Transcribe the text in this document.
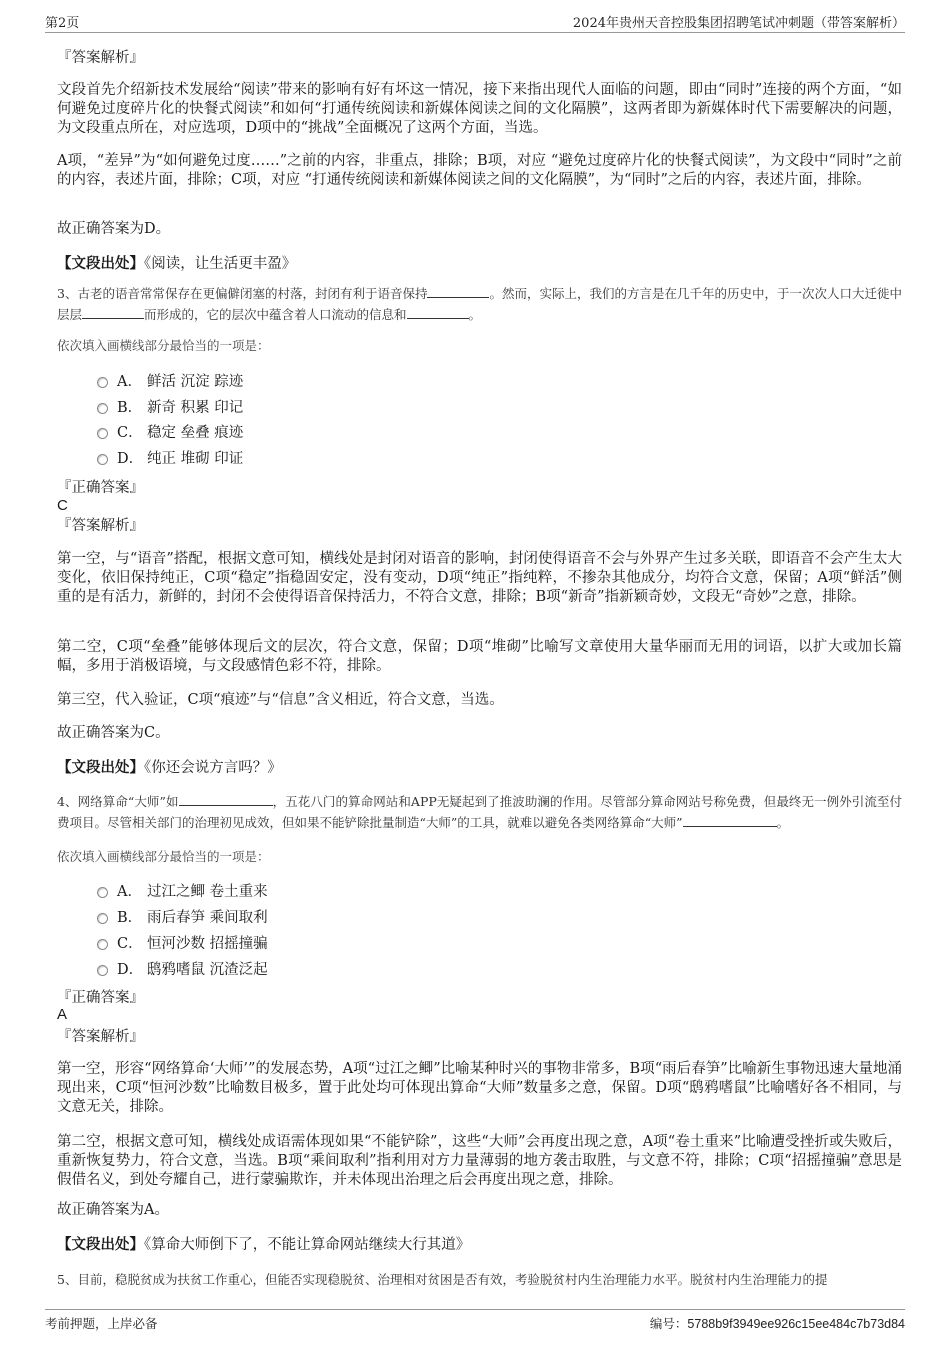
第2页	2024年贵州天音控股集团招聘笔试冲刺题（带答案解析）
『答案解析』
文段首先介绍新技术发展给“阅读”带来的影响有好有坏这一情况，接下来指出现代人面临的问题，即由“同时”连接的两个方面，“如何避免过度碎片化的快餐式阅读”和如何“打通传统阅读和新媒体阅读之间的文化隔膜”，这两者即为新媒体时代下需要解决的问题，为文段重点所在，对应选项，D项中的“挑战”全面概况了这两个方面，当选。
A项，“差异”为“如何避免过度……”之前的内容，非重点，排除；B项，对应 “避免过度碎片化的快餐式阅读”，为文段中“同时”之前的内容，表述片面，排除；C项，对应 “打通传统阅读和新媒体阅读之间的文化隔膜”，为“同时”之后的内容，表述片面，排除。
故正确答案为D。
【文段出处】《阅读，让生活更丰盈》
3、古老的语音常常保存在更偏僻闭塞的村落，封闭有利于语音保持	。然而，实际上，我们的方言是在几千年的历史中，于一次次人口大迁徙中层层	而形成的，它的层次中蕴含着人口流动的信息和	。
依次填入画横线部分最恰当的一项是：
A． 鲜活 沉淀 踪迹
B． 新奇 积累 印记
C． 稳定 垒叠 痕迹
D． 纯正 堆砌 印证
『正确答案』
C
『答案解析』
第一空，与“语音”搭配，根据文意可知，横线处是封闭对语音的影响，封闭使得语音不会与外界产生过多关联，即语音不会产生太大变化，依旧保持纯正，C项“稳定”指稳固安定，没有变动，D项“纯正”指纯粹，不掺杂其他成分，均符合文意，保留；A项“鲜活”侧重的是有活力，新鲜的，封闭不会使得语音保持活力，不符合文意，排除；B项“新奇”指新颖奇妙，文段无“奇妙”之意，排除。
第二空，C项“垒叠”能够体现后文的层次，符合文意，保留；D项“堆砌”比喻写文章使用大量华丽而无用的词语，以扩大或加长篇幅，多用于消极语境，与文段感情色彩不符，排除。
第三空，代入验证，C项“痕迹”与“信息”含义相近，符合文意，当选。
故正确答案为C。
【文段出处】《你还会说方言吗？》
4、网络算命“大师”如	，五花八门的算命网站和APP无疑起到了推波助澜的作用。尽管部分算命网站号称免费，但最终无一例外引流至付费项目。尽管相关部门的治理初见成效，但如果不能铲除批量制造“大师”的工具，就难以避免各类网络算命“大师”	。
依次填入画横线部分最恰当的一项是：
A． 过江之鲫 卷土重来
B． 雨后春笋 乘间取利
C． 恒河沙数 招摇撞骗
D． 鸱鸦嗜鼠 沉渣泛起
『正确答案』
A
『答案解析』
第一空，形容“网络算命‘大师’”的发展态势，A项“过江之鲫”比喻某种时兴的事物非常多，B项“雨后春笋”比喻新生事物迅速大量地涌现出来，C项“恒河沙数”比喻数目极多，置于此处均可体现出算命“大师”数量多之意，保留。D项“鸱鸦嗜鼠”比喻嗜好各不相同，与文意无关，排除。
第二空，根据文意可知，横线处成语需体现如果“不能铲除”，这些“大师”会再度出现之意，A项“卷土重来”比喻遭受挫折或失败后，重新恢复势力，符合文意，当选。B项“乘间取利”指利用对方力量薄弱的地方袭击取胜，与文意不符，排除；C项“招摇撞骗”意思是假借名义，到处夸耀自己，进行蒙骗欺诈，并未体现出治理之后会再度出现之意，排除。
故正确答案为A。
【文段出处】《算命大师倒下了，不能让算命网站继续大行其道》
5、目前，稳脱贫成为扶贫工作重心，但能否实现稳脱贫、治理相对贫困是否有效，考验脱贫村内生治理能力水平。脱贫村内生治理能力的提
考前押题，上岸必备	编号：5788b9f3949ee926c15ee484c7b73d84
